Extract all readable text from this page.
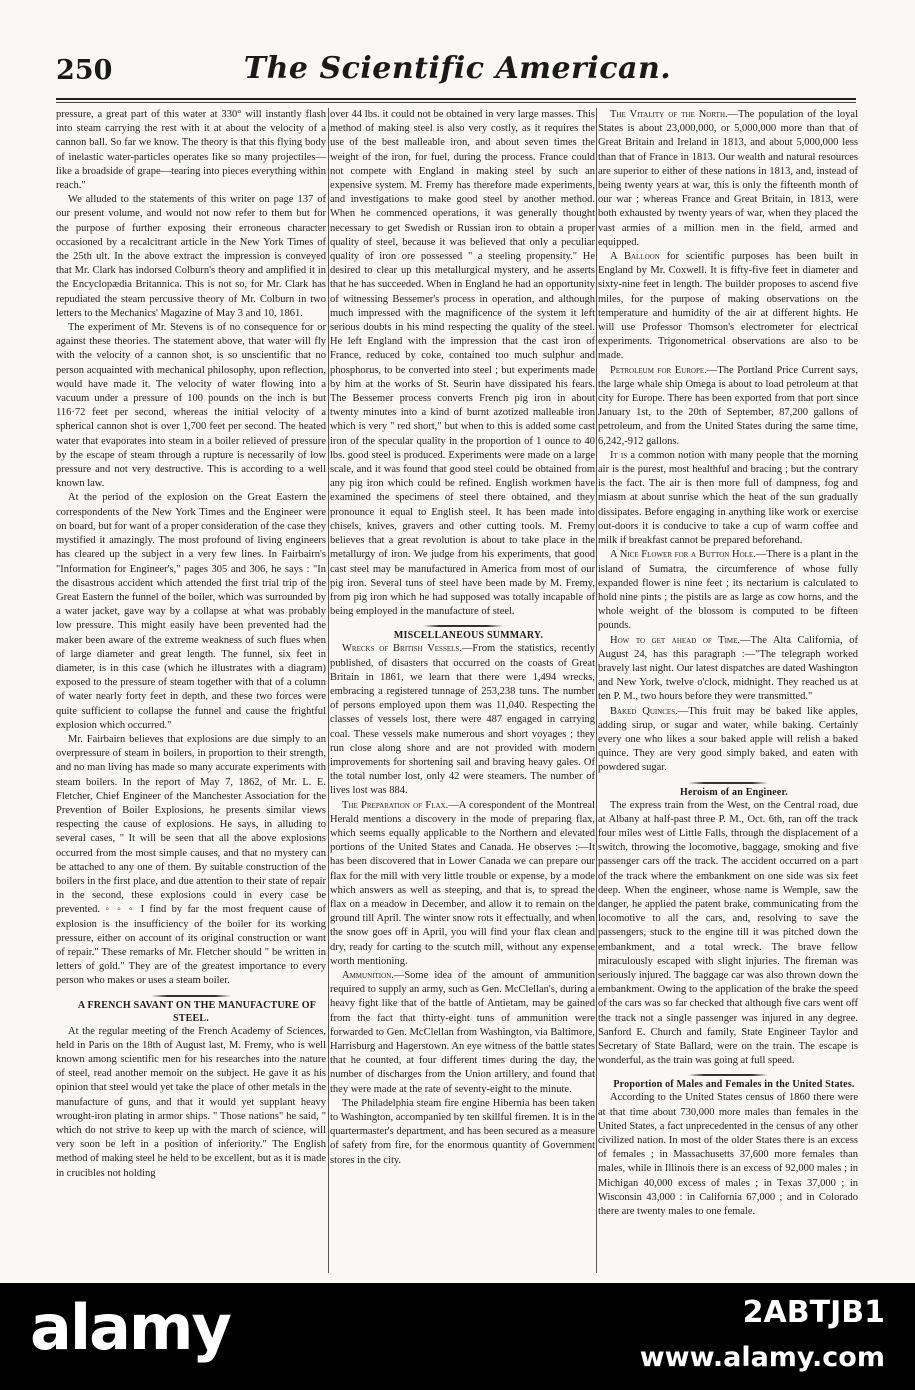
250	The Scientific American.

pressure, a great part of this water at 330° will instantly flash into steam carrying the rest with it at about the velocity of a cannon ball. So far we know. The theory is that this flying body of inelastic water-particles operates like so many projectiles—like a broadside of grape—tearing into pieces everything within reach."

We alluded to the statements of this writer on page 137 of our present volume, and would not now refer to them but for the purpose of further exposing their erroneous character occasioned by a recalcitrant article in the New York Times of the 25th ult. In the above extract the impression is conveyed that Mr. Clark has indorsed Colburn's theory and amplified it in the Encyclopædia Britannica. This is not so, for Mr. Clark has repudiated the steam percussive theory of Mr. Colburn in two letters to the Mechanics' Magazine of May 3 and 10, 1861.

The experiment of Mr. Stevens is of no consequence for or against these theories. The statement above, that water will fly with the velocity of a cannon shot, is so unscientific that no person acquainted with mechanical philosophy, upon reflection, would have made it. The velocity of water flowing into a vacuum under a pressure of 100 pounds on the inch is but 116·72 feet per second, whereas the initial velocity of a spherical cannon shot is over 1,700 feet per second. The heated water that evaporates into steam in a boiler relieved of pressure by the escape of steam through a rupture is necessarily of low pressure and not very destructive. This is according to a well known law.

At the period of the explosion on the Great Eastern the correspondents of the New York Times and the Engineer were on board, but for want of a proper consideration of the case they mystified it amazingly. The most profound of living engineers has cleared up the subject in a very few lines. In Fairbairn's "Information for Engineer's," pages 305 and 306, he says : "In the disastrous accident which attended the first trial trip of the Great Eastern the funnel of the boiler, which was surrounded by a water jacket, gave way by a collapse at what was probably low pressure. This might easily have been prevented had the maker been aware of the extreme weakness of such flues when of large diameter and great length. The funnel, six feet in diameter, is in this case (which he illustrates with a diagram) exposed to the pressure of steam together with that of a column of water nearly forty feet in depth, and these two forces were quite sufficient to collapse the funnel and cause the frightful explosion which occurred."

Mr. Fairbairn believes that explosions are due simply to an overpressure of steam in boilers, in proportion to their strength, and no man living has made so many accurate experiments with steam boilers. In the report of May 7, 1862, of Mr. L. E. Fletcher, Chief Engineer of the Manchester Association for the Prevention of Boiler Explosions, he presents similar views respecting the cause of explosions. He says, in alluding to several cases, " It will be seen that all the above explosions occurred from the most simple causes, and that no mystery can be attached to any one of them. By suitable construction of the boilers in the first place, and due attention to their state of repair in the second, these explosions could in every case be prevented. ◦ ◦ ◦ I find by far the most frequent cause of explosion is the insufficiency of the boiler for its working pressure, either on account of its original construction or want of repair." These remarks of Mr. Fletcher should " be written in letters of gold." They are of the greatest importance to every person who makes or uses a steam boiler.

A FRENCH SAVANT ON THE MANUFACTURE OF STEEL.

At the regular meeting of the French Academy of Sciences, held in Paris on the 18th of August last, M. Fremy, who is well known among scientific men for his researches into the nature of steel, read another memoir on the subject. He gave it as his opinion that steel would yet take the place of other metals in the manufacture of guns, and that it would yet supplant heavy wrought-iron plating in armor ships. " Those nations" he said, " which do not strive to keep up with the march of science, will very soon be left in a position of inferiority." The English method of making steel he held to be excellent, but as it is made in crucibles not holding

over 44 lbs. it could not be obtained in very large masses. This method of making steel is also very costly, as it requires the use of the best malleable iron, and about seven times the weight of the iron, for fuel, during the process. France could not compete with England in making steel by such an expensive system. M. Fremy has therefore made experiments, and investigations to make good steel by another method. When he commenced operations, it was generally thought necessary to get Swedish or Russian iron to obtain a proper quality of steel, because it was believed that only a peculiar quality of iron ore possessed " a steeling propensity." He desired to clear up this metallurgical mystery, and he asserts that he has succeeded. When in England he had an opportunity of witnessing Bessemer's process in operation, and although much impressed with the magnificence of the system it left serious doubts in his mind respecting the quality of the steel. He left England with the impression that the cast iron of France, reduced by coke, contained too much sulphur and phosphorus, to be converted into steel ; but experiments made by him at the works of St. Seurin have dissipated his fears. The Bessemer process converts French pig iron in about twenty minutes into a kind of burnt azotized malleable iron which is very " red short," but when to this is added some cast iron of the specular quality in the proportion of 1 ounce to 40 lbs. good steel is produced. Experiments were made on a large scale, and it was found that good steel could be obtained from any pig iron which could be refined. English workmen have examined the specimens of steel there obtained, and they pronounce it equal to English steel. It has been made into chisels, knives, gravers and other cutting tools. M. Fremy believes that a great revolution is about to take place in the metallurgy of iron. We judge from his experiments, that good cast steel may be manufactured in America from most of our pig iron. Several tuns of steel have been made by M. Fremy, from pig iron which he had supposed was totally incapable of being employed in the manufacture of steel.

MISCELLANEOUS SUMMARY.

Wrecks of British Vessels.—From the statistics, recently published, of disasters that occurred on the coasts of Great Britain in 1861, we learn that there were 1,494 wrecks, embracing a registered tunnage of 253,238 tuns. The number of persons employed upon them was 11,040. Respecting the classes of vessels lost, there were 487 engaged in carrying coal. These vessels make numerous and short voyages ; they run close along shore and are not provided with modern improvements for shortening sail and braving heavy gales. Of the total number lost, only 42 were steamers. The number of lives lost was 884.

The Preparation of Flax.—A corespondent of the Montreal Herald mentions a discovery in the mode of preparing flax, which seems equally applicable to the Northern and elevated portions of the United States and Canada. He observes :—It has been discovered that in Lower Canada we can prepare our flax for the mill with very little trouble or expense, by a mode which answers as well as steeping, and that is, to spread the flax on a meadow in December, and allow it to remain on the ground till April. The winter snow rots it effectually, and when the snow goes off in April, you will find your flax clean and dry, ready for carting to the scutch mill, without any expense worth mentioning.

Ammunition.—Some idea of the amount of ammunition required to supply an army, such as Gen. McClellan's, during a heavy fight like that of the battle of Antietam, may be gained from the fact that thirty-eight tuns of ammunition were forwarded to Gen. McClellan from Washington, via Baltimore, Harrisburg and Hagerstown. An eye witness of the battle states that he counted, at four different times during the day, the number of discharges from the Union artillery, and found that they were made at the rate of seventy-eight to the minute.

The Philadelphia steam fire engine Hibernia has been taken to Washington, accompanied by ten skillful firemen. It is in the quartermaster's department, and has been secured as a measure of safety from fire, for the enormous quantity of Government stores in the city.

The Vitality of the North.—The population of the loyal States is about 23,000,000, or 5,000,000 more than that of Great Britain and Ireland in 1813, and about 5,000,000 less than that of France in 1813. Our wealth and natural resources are superior to either of these nations in 1813, and, instead of being twenty years at war, this is only the fifteenth month of our war ; whereas France and Great Britain, in 1813, were both exhausted by twenty years of war, when they placed the vast armies of a million men in the field, armed and equipped.

A Balloon for scientific purposes has been built in England by Mr. Coxwell. It is fifty-five feet in diameter and sixty-nine feet in length. The builder proposes to ascend five miles, for the purpose of making observations on the temperature and humidity of the air at different hights. He will use Professor Thomson's electrometer for electrical experiments. Trigonometrical observations are also to be made.

Petroleum for Europe.—The Portland Price Current says, the large whale ship Omega is about to load petroleum at that city for Europe. There has been exported from that port since January 1st, to the 20th of September, 87,200 gallons of petroleum, and from the United States during the same time, 6,242,-912 gallons.

It is a common notion with many people that the morning air is the purest, most healthful and bracing ; but the contrary is the fact. The air is then more full of dampness, fog and miasm at about sunrise which the heat of the sun gradually dissipates. Before engaging in anything like work or exercise out-doors it is conducive to take a cup of warm coffee and milk if breakfast cannot be prepared beforehand.

A Nice Flower for a Button Hole.—There is a plant in the island of Sumatra, the circumference of whose fully expanded flower is nine feet ; its nectarium is calculated to hold nine pints ; the pistils are as large as cow horns, and the whole weight of the blossom is computed to be fifteen pounds.

How to get ahead of Time.—The Alta California, of August 24, has this paragraph :—"The telegraph worked bravely last night. Our latest dispatches are dated Washington and New York, twelve o'clock, midnight. They reached us at ten P. M., two hours before they were transmitted."

Baked Quinces.—This fruit may be baked like apples, adding sirup, or sugar and water, while baking. Certainly every one who likes a sour baked apple will relish a baked quince. They are very good simply baked, and eaten with powdered sugar.

Heroism of an Engineer.

The express train from the West, on the Central road, due at Albany at half-past three P. M., Oct. 6th, ran off the track four miles west of Little Falls, through the displacement of a switch, throwing the locomotive, baggage, smoking and five passenger cars off the track. The accident occurred on a part of the track where the embankment on one side was six feet deep. When the engineer, whose name is Wemple, saw the danger, he applied the patent brake, communicating from the locomotive to all the cars, and, resolving to save the passengers, stuck to the engine till it was pitched down the embankment, and a total wreck. The brave fellow miraculously escaped with slight injuries. The fireman was seriously injured. The baggage car was also thrown down the embankment. Owing to the application of the brake the speed of the cars was so far checked that although five cars went off the track not a single passenger was injured in any degree. Sanford E. Church and family, State Engineer Taylor and Secretary of State Ballard, were on the train. The escape is wonderful, as the train was going at full speed.

Proportion of Males and Females in the United States.

According to the United States census of 1860 there were at that time about 730,000 more males than females in the United States, a fact unprecedented in the census of any other civilized nation. In most of the older States there is an excess of females ; in Massachusetts 37,600 more females than males, while in Illinois there is an excess of 92,000 males ; in Michigan 40,000 excess of males ; in Texas 37,000 ; in Wisconsin 43,000 : in California 67,000 ; and in Colorado there are twenty males to one female.

alamy	2ABTJB1
www.alamy.com
